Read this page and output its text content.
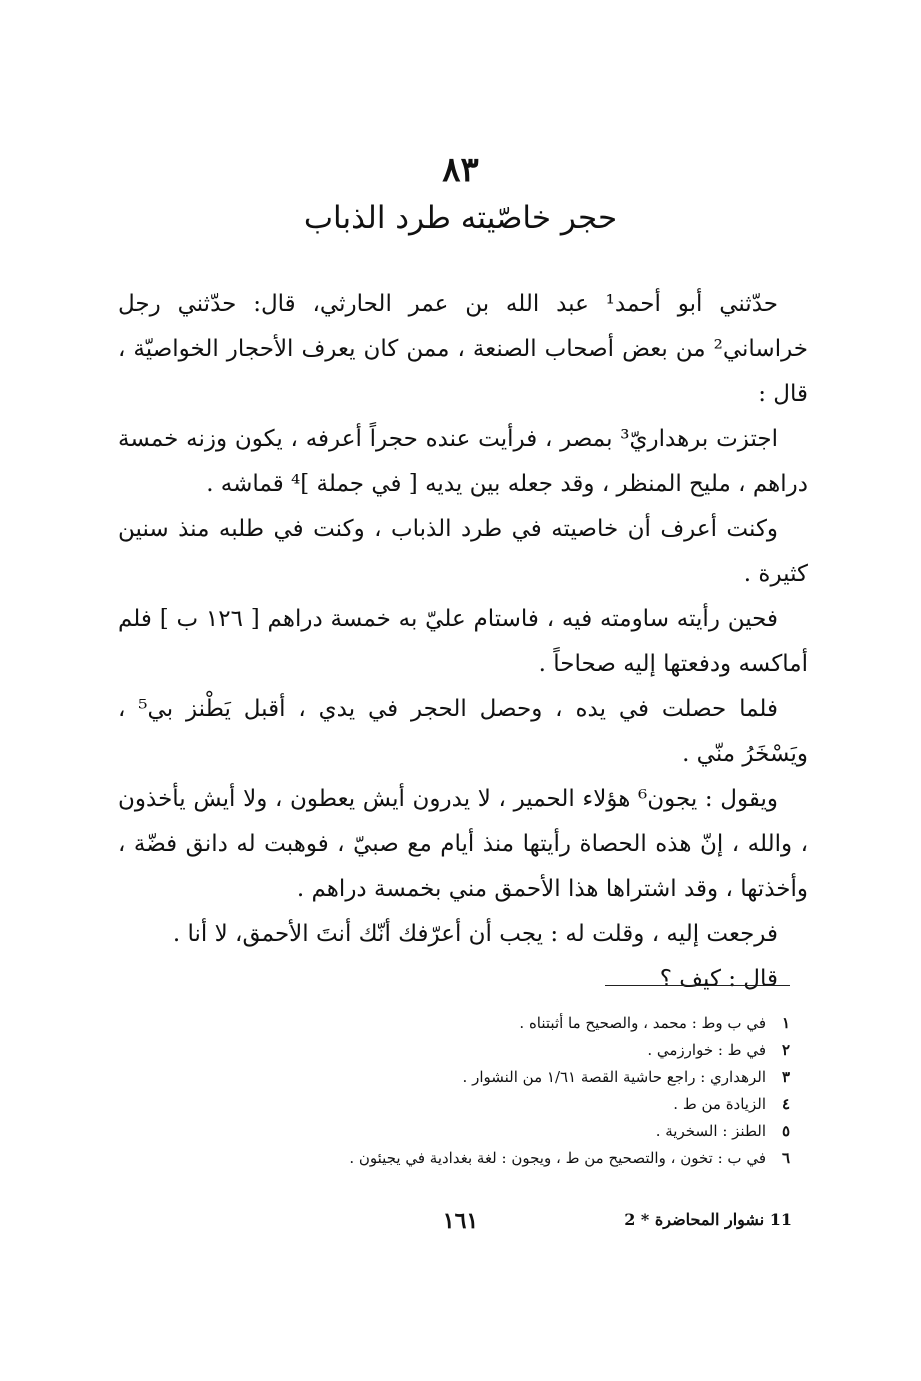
٨٣
حجر خاصّيته طرد الذباب

حدّثني أبو أحمد¹ عبد الله بن عمر الحارثي، قال: حدّثني رجل خراساني² من بعض أصحاب الصنعة ، ممن كان يعرف الأحجار الخواصيّة ، قال :

اجتزت برهداريّ³ بمصر ، فرأيت عنده حجراً أعرفه ، يكون وزنه خمسة دراهم ، مليح المنظر ، وقد جعله بين يديه [ في جملة ]⁴ قماشه .

وكنت أعرف أن خاصيته في طرد الذباب ، وكنت في طلبه منذ سنين كثيرة .

فحين رأيته ساومته فيه ، فاستام عليّ به خمسة دراهم [ ١٢٦ ب ] فلم أماكسه ودفعتها إليه صحاحاً .

فلما حصلت في يده ، وحصل الحجر في يدي ، أقبل يَطْنز بي⁵ ، ويَسْخَرُ منّي .

ويقول : يجون⁶ هؤلاء الحمير ، لا يدرون أيش يعطون ، ولا أيش يأخذون ، والله ، إنّ هذه الحصاة رأيتها منذ أيام مع صبيّ ، فوهبت له دانق فضّة ، وأخذتها ، وقد اشتراها هذا الأحمق مني بخمسة دراهم .

فرجعت إليه ، وقلت له : يجب أن أعرّفك أنّك أنتَ الأحمق، لا أنا .

قال : كيف ؟

١في ب وط : محمد ، والصحيح ما أثبتناه .
٢في ط : خوارزمي .
٣الرهداري : راجع حاشية القصة ١/٦١ من النشوار .
٤الزيادة من ط .
٥الطنز : السخرية .
٦في ب : تخون ، والتصحيح من ط ، ويجون : لغة بغدادية في يجيئون .
١٦١	11 نشوار المحاضرة * 2
